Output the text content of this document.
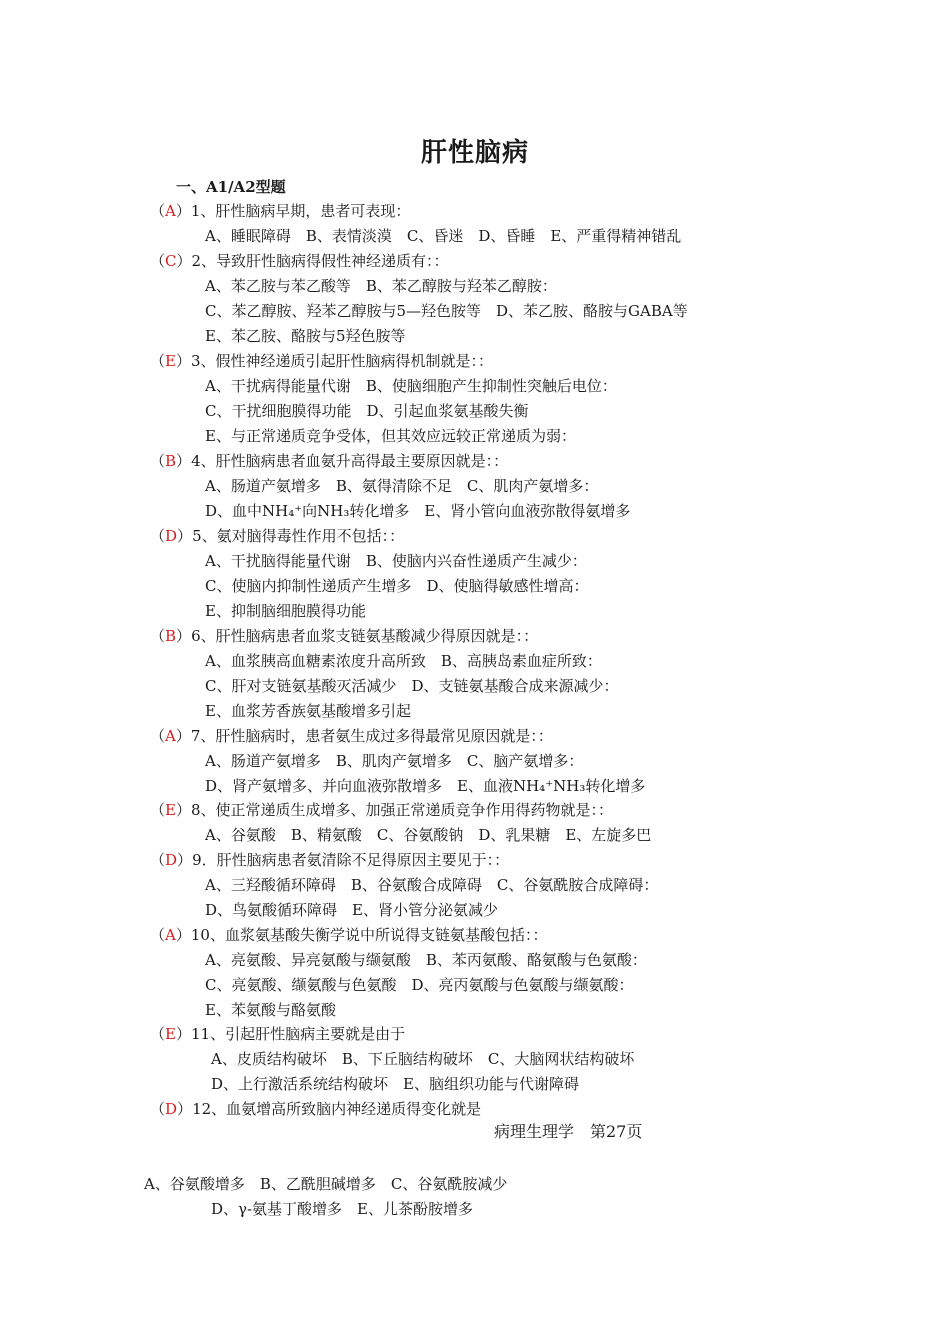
肝性脑病
一、A1/A2型题
（A）1、肝性脑病早期，患者可表现：
A、睡眠障碍　B、表情淡漠　C、昏迷　D、昏睡　E、严重得精神错乱
（C）2、导致肝性脑病得假性神经递质有：：
A、苯乙胺与苯乙酸等　B、苯乙醇胺与羟苯乙醇胺：
C、苯乙醇胺、羟苯乙醇胺与5—羟色胺等　D、苯乙胺、酪胺与GABA等
E、苯乙胺、酪胺与5羟色胺等
（E）3、假性神经递质引起肝性脑病得机制就是：：
A、干扰病得能量代谢　B、使脑细胞产生抑制性突触后电位：
C、干扰细胞膜得功能　D、引起血浆氨基酸失衡
E、与正常递质竞争受体，但其效应远较正常递质为弱：
（B）4、肝性脑病患者血氨升高得最主要原因就是：：
A、肠道产氨增多　B、氨得清除不足　C、肌肉产氨增多：
D、血中NH₄⁺向NH₃转化增多　E、肾小管向血液弥散得氨增多
（D）5、氨对脑得毒性作用不包括：：
A、干扰脑得能量代谢　B、使脑内兴奋性递质产生减少：
C、使脑内抑制性递质产生增多　D、使脑得敏感性增高：
E、抑制脑细胞膜得功能
（B）6、肝性脑病患者血浆支链氨基酸减少得原因就是：：
A、血浆胰高血糖素浓度升高所致　B、高胰岛素血症所致：
C、肝对支链氨基酸灭活减少　D、支链氨基酸合成来源减少：
E、血浆芳香族氨基酸增多引起
（A）7、肝性脑病时，患者氨生成过多得最常见原因就是：：
A、肠道产氨增多　B、肌肉产氨增多　C、脑产氨增多：
D、肾产氨增多、并向血液弥散增多　E、血液NH₄⁺NH₃转化增多
（E）8、使正常递质生成增多、加强正常递质竞争作用得药物就是：：
A、谷氨酸　B、精氨酸　C、谷氨酸钠　D、乳果糖　E、左旋多巴
（D）9．肝性脑病患者氨清除不足得原因主要见于：：
A、三羟酸循环障碍　B、谷氨酸合成障碍　C、谷氨酰胺合成障碍：
D、鸟氨酸循环障碍　E、肾小管分泌氨减少
（A）10、血浆氨基酸失衡学说中所说得支链氨基酸包括：：
A、亮氨酸、异亮氨酸与缬氨酸　B、苯丙氨酸、酪氨酸与色氨酸：
C、亮氨酸、缬氨酸与色氨酸　D、亮丙氨酸与色氨酸与缬氨酸：
E、苯氨酸与酪氨酸
（E）11、引起肝性脑病主要就是由于
A、皮质结构破坏　B、下丘脑结构破坏　C、大脑网状结构破坏
D、上行激活系统结构破坏　E、脑组织功能与代谢障碍
（D）12、血氨增高所致脑内神经递质得变化就是
病理生理学　第27页
A、谷氨酸增多　B、乙酰胆碱增多　C、谷氨酰胺减少
D、γ-氨基丁酸增多　E、儿茶酚胺增多
